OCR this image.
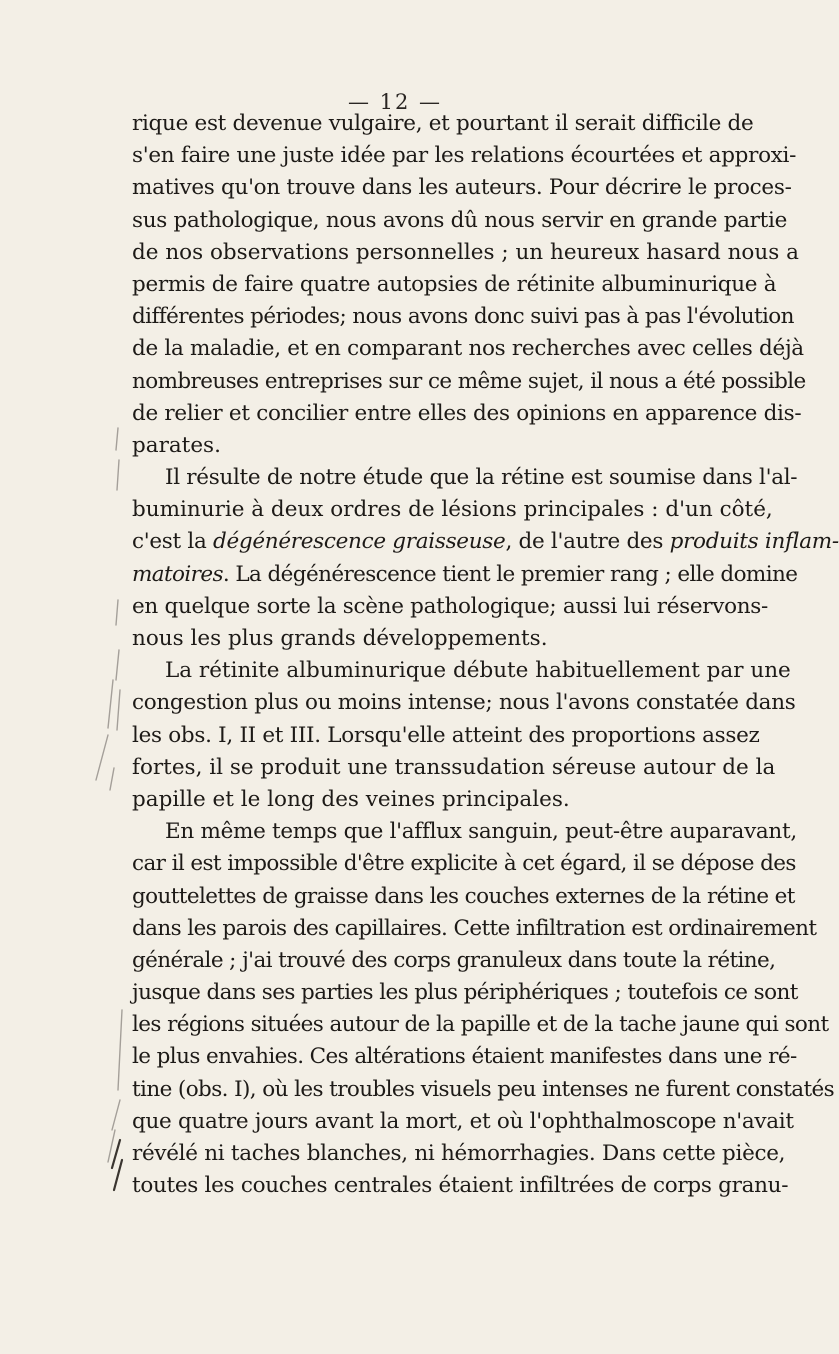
— 12 —
rique est devenue vulgaire, et pourtant il serait difficile de
s'en faire une juste idée par les relations écourtées et approxi-
matives qu'on trouve dans les auteurs. Pour décrire le proces-
sus pathologique, nous avons dû nous servir en grande partie
de nos observations personnelles ; un heureux hasard nous a
permis de faire quatre autopsies de rétinite albuminurique à
différentes périodes; nous avons donc suivi pas à pas l'évolution
de la maladie, et en comparant nos recherches avec celles déjà
nombreuses entreprises sur ce même sujet, il nous a été possible
de relier et concilier entre elles des opinions en apparence dis-
parates.
Il résulte de notre étude que la rétine est soumise dans l'al-
buminurie à deux ordres de lésions principales : d'un côté,
c'est la dégénérescence graisseuse, de l'autre des produits inflam-
matoires. La dégénérescence tient le premier rang ; elle domine
en quelque sorte la scène pathologique; aussi lui réservons-
nous les plus grands développements.
La rétinite albuminurique débute habituellement par une
congestion plus ou moins intense; nous l'avons constatée dans
les obs. I, II et III. Lorsqu'elle atteint des proportions assez
fortes, il se produit une transsudation séreuse autour de la
papille et le long des veines principales.
En même temps que l'afflux sanguin, peut-être auparavant,
car il est impossible d'être explicite à cet égard, il se dépose des
gouttelettes de graisse dans les couches externes de la rétine et
dans les parois des capillaires. Cette infiltration est ordinairement
générale ; j'ai trouvé des corps granuleux dans toute la rétine,
jusque dans ses parties les plus périphériques ; toutefois ce sont
les régions situées autour de la papille et de la tache jaune qui sont
le plus envahies. Ces altérations étaient manifestes dans une ré-
tine (obs. I), où les troubles visuels peu intenses ne furent constatés
que quatre jours avant la mort, et où l'ophthalmoscope n'avait
révélé ni taches blanches, ni hémorrhagies. Dans cette pièce,
toutes les couches centrales étaient infiltrées de corps granu-
